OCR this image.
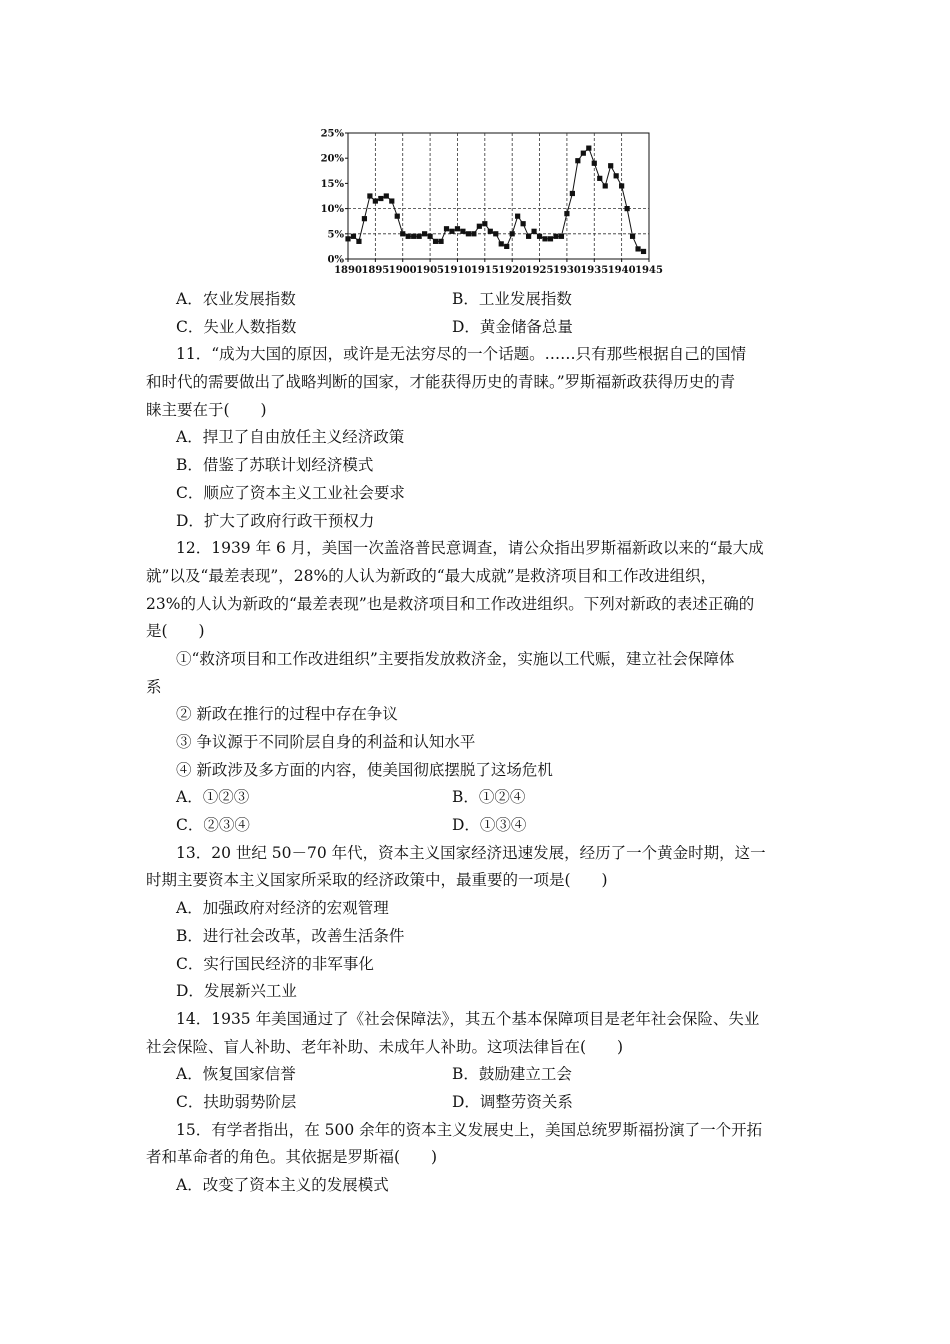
1890 1895 1900 1905 1910 1915 1920 1925 1930 1935 1940 1945
25%
20%
15%
10%
5%
0%
A．农业发展指数	B．工业发展指数
C．失业人数指数	D．黄金储备总量
11．“成为大国的原因，或许是无法穷尽的一个话题。……只有那些根据自己的国情
和时代的需要做出了战略判断的国家，才能获得历史的青睐。”罗斯福新政获得历史的青
睐主要在于(　　)
A．捍卫了自由放任主义经济政策
B．借鉴了苏联计划经济模式
C．顺应了资本主义工业社会要求
D．扩大了政府行政干预权力
12．1939 年 6 月，美国一次盖洛普民意调查，请公众指出罗斯福新政以来的“最大成
就”以及“最差表现”，28%的人认为新政的“最大成就”是救济项目和工作改进组织，
23%的人认为新政的“最差表现”也是救济项目和工作改进组织。下列对新政的表述正确的
是(　　)
①“救济项目和工作改进组织”主要指发放救济金，实施以工代赈，建立社会保障体
系
② 新政在推行的过程中存在争议
③ 争议源于不同阶层自身的利益和认知水平
④ 新政涉及多方面的内容，使美国彻底摆脱了这场危机
A．①②③	B．①②④
C．②③④	D．①③④
13．20 世纪 50－70 年代，资本主义国家经济迅速发展，经历了一个黄金时期，这一
时期主要资本主义国家所采取的经济政策中，最重要的一项是(　　)
A．加强政府对经济的宏观管理
B．进行社会改革，改善生活条件
C．实行国民经济的非军事化
D．发展新兴工业
14．1935 年美国通过了《社会保障法》，其五个基本保障项目是老年社会保险、失业
社会保险、盲人补助、老年补助、未成年人补助。这项法律旨在(　　)
A．恢复国家信誉	B．鼓励建立工会
C．扶助弱势阶层	D．调整劳资关系
15．有学者指出，在 500 余年的资本主义发展史上，美国总统罗斯福扮演了一个开拓
者和革命者的角色。其依据是罗斯福(　　)
A．改变了资本主义的发展模式
